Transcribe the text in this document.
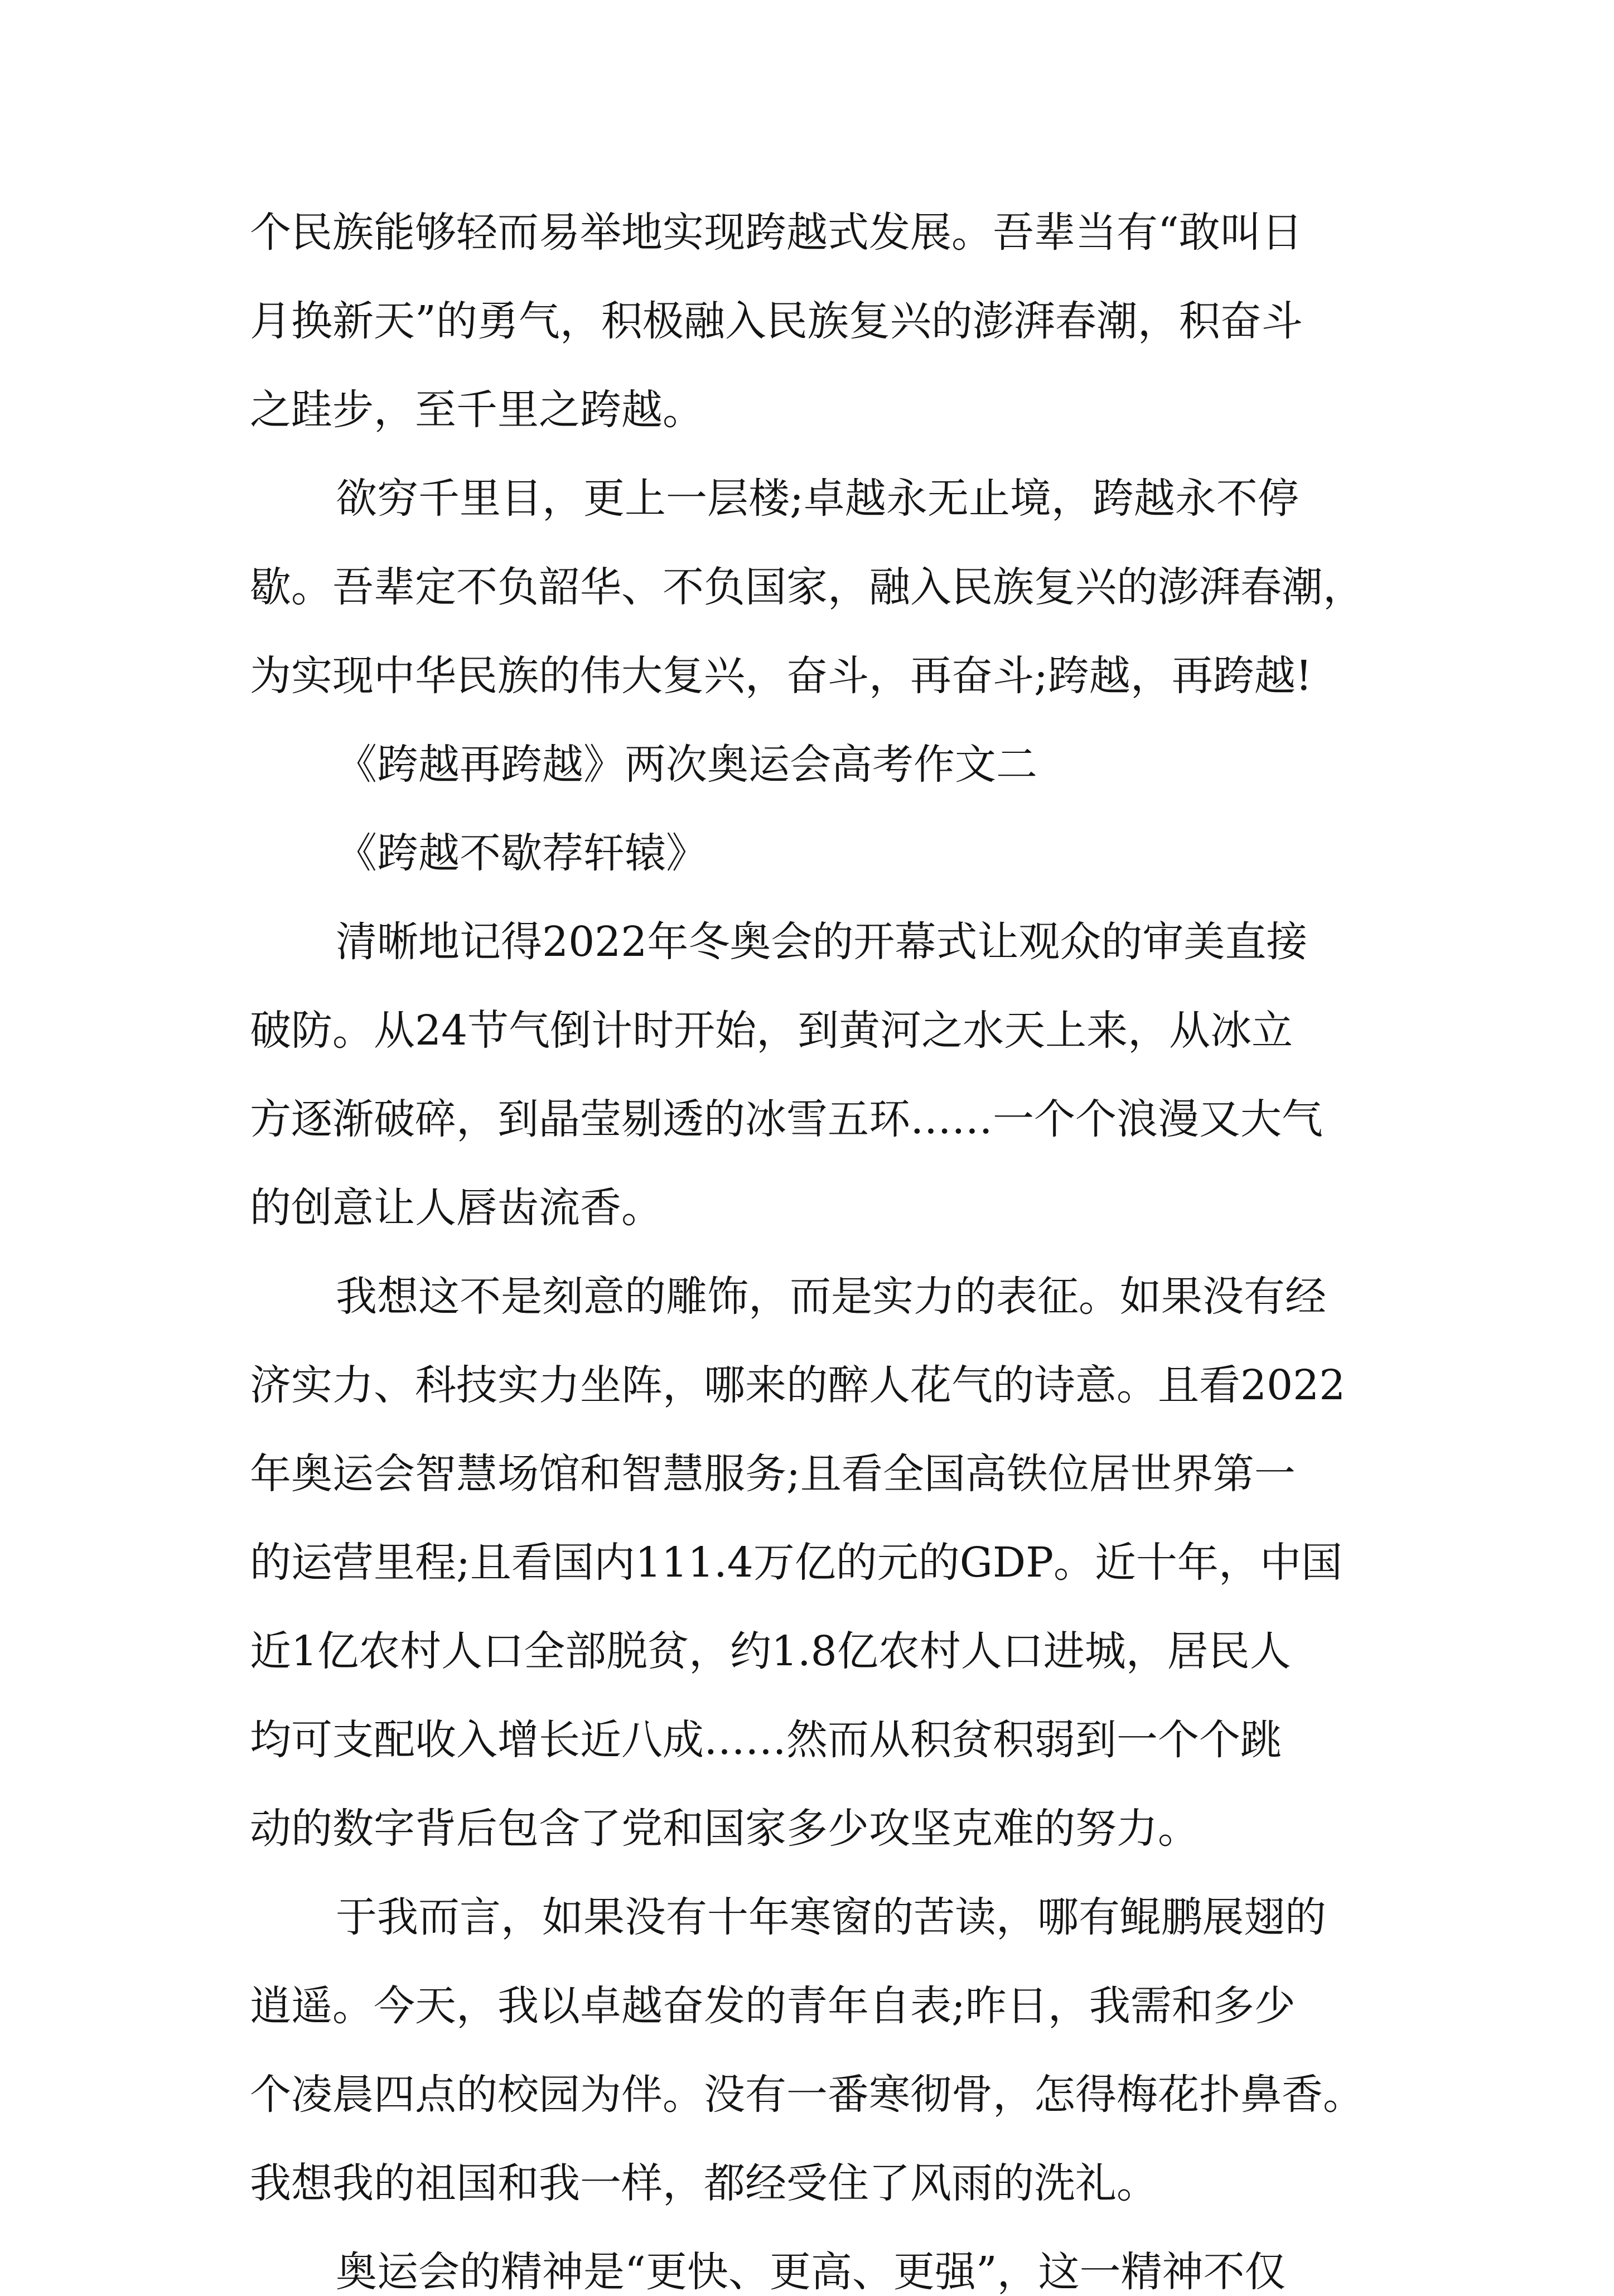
个民族能够轻而易举地实现跨越式发展。吾辈当有“敢叫日

月换新天”的勇气，积极融入民族复兴的澎湃春潮，积奋斗

之跬步，至千里之跨越。

欲穷千里目，更上一层楼;卓越永无止境，跨越永不停

歇。吾辈定不负韶华、不负国家，融入民族复兴的澎湃春潮，

为实现中华民族的伟大复兴，奋斗，再奋斗;跨越，再跨越!

《跨越再跨越》两次奥运会高考作文二

《跨越不歇荐轩辕》

清晰地记得2022年冬奥会的开幕式让观众的审美直接

破防。从24节气倒计时开始，到黄河之水天上来，从冰立

方逐渐破碎，到晶莹剔透的冰雪五环……一个个浪漫又大气

的创意让人唇齿流香。

我想这不是刻意的雕饰，而是实力的表征。如果没有经

济实力、科技实力坐阵，哪来的醉人花气的诗意。且看2022

年奥运会智慧场馆和智慧服务;且看全国高铁位居世界第一

的运营里程;且看国内111.4万亿的元的GDP。近十年，中国

近1亿农村人口全部脱贫，约1.8亿农村人口进城，居民人

均可支配收入增长近八成……然而从积贫积弱到一个个跳

动的数字背后包含了党和国家多少攻坚克难的努力。

于我而言，如果没有十年寒窗的苦读，哪有鲲鹏展翅的

逍遥。今天，我以卓越奋发的青年自表;昨日，我需和多少

个凌晨四点的校园为伴。没有一番寒彻骨，怎得梅花扑鼻香。

我想我的祖国和我一样，都经受住了风雨的洗礼。

奥运会的精神是“更快、更高、更强”，这一精神不仅
